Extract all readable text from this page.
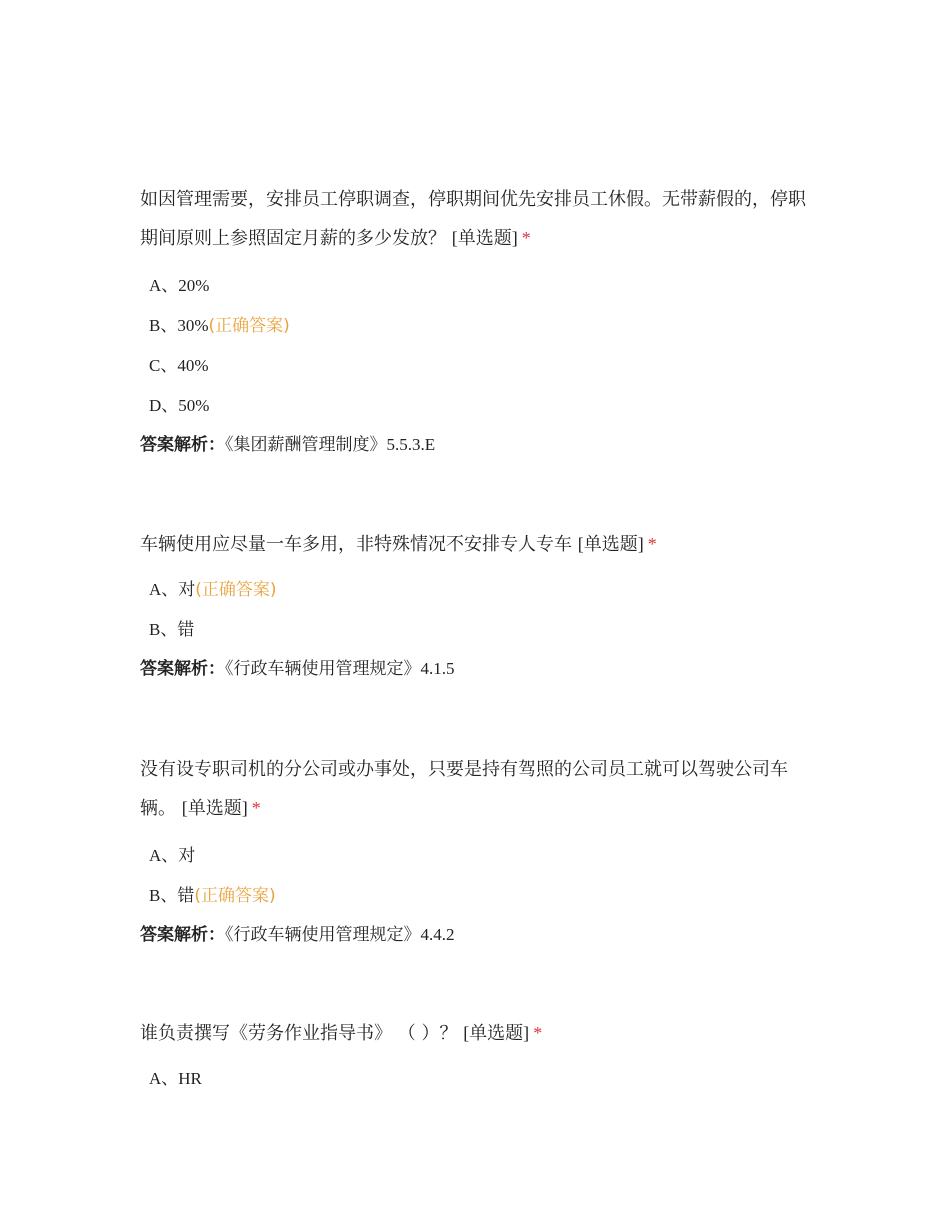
如因管理需要，安排员工停职调查，停职期间优先安排员工休假。无带薪假的，停职期间原则上参照固定月薪的多少发放？ [单选题] *

A、20%
B、30%(正确答案)
C、40%
D、50%
答案解析：《集团薪酬管理制度》5.5.3.E

车辆使用应尽量一车多用，非特殊情况不安排专人专车 [单选题] *

A、对(正确答案)
B、错
答案解析：《行政车辆使用管理规定》4.1.5

没有设专职司机的分公司或办事处，只要是持有驾照的公司员工就可以驾驶公司车辆。 [单选题] *

A、对
B、错(正确答案)
答案解析：《行政车辆使用管理规定》4.4.2

谁负责撰写《劳务作业指导书》 （ ）？ [单选题] *

A、HR
